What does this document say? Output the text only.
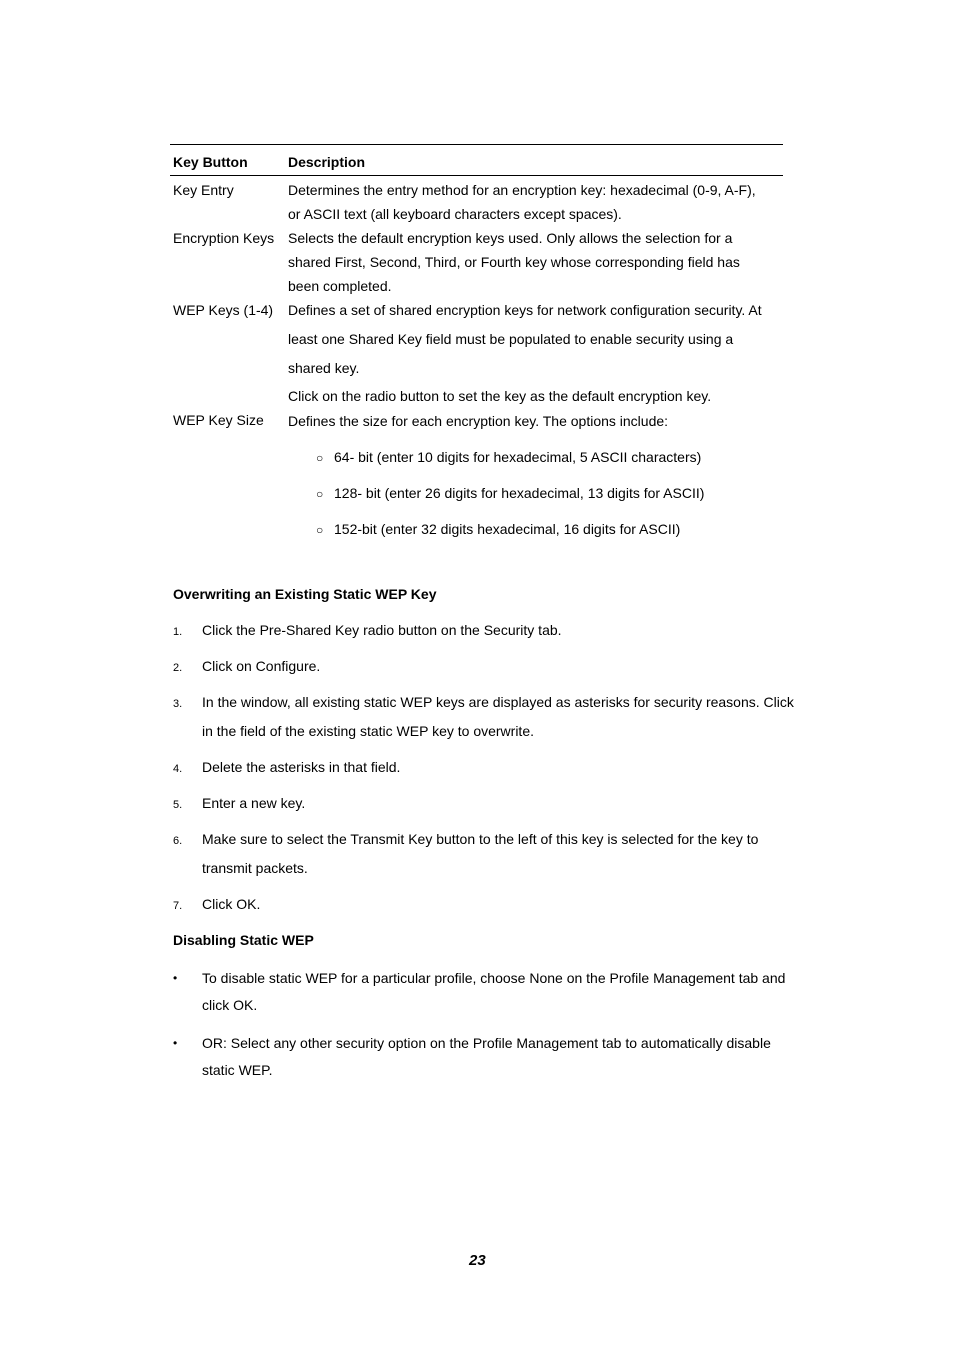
Key Button	Description
Key Entry	Determines the entry method for an encryption key: hexadecimal (0-9, A-F),
or ASCII text (all keyboard characters except spaces).
Encryption Keys Selects the default encryption keys used. Only allows the selection for a
shared First, Second, Third, or Fourth key whose corresponding field has
been completed.
WEP Keys (1-4) Defines a set of shared encryption keys for network configuration security. At
least one Shared Key field must be populated to enable security using a
shared key.
Click on the radio button to set the key as the default encryption key.
WEP Key Size Defines the size for each encryption key. The options include:
○ 64- bit (enter 10 digits for hexadecimal, 5 ASCII characters)
○ 128- bit (enter 26 digits for hexadecimal, 13 digits for ASCII)
○ 152-bit (enter 32 digits hexadecimal, 16 digits for ASCII)
Overwriting an Existing Static WEP Key
1. Click the Pre-Shared Key radio button on the Security tab.
2. Click on Configure.
3. In the window, all existing static WEP keys are displayed as asterisks for security reasons. Click
in the field of the existing static WEP key to overwrite.
4. Delete the asterisks in that field.
5. Enter a new key.
6. Make sure to select the Transmit Key button to the left of this key is selected for the key to
transmit packets.
7. Click OK.
Disabling Static WEP
• To disable static WEP for a particular profile, choose None on the Profile Management tab and
click OK.
• OR: Select any other security option on the Profile Management tab to automatically disable
static WEP.
23
